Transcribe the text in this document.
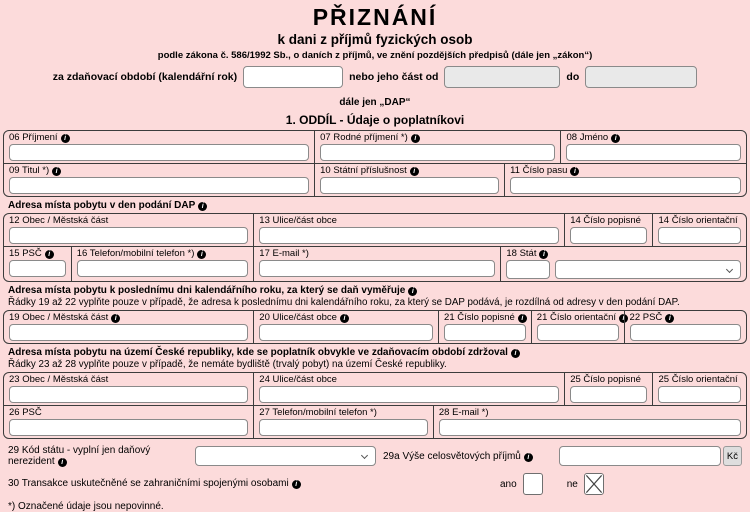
PŘIZNÁNÍ
k dani z příjmů fyzických osob
podle zákona č. 586/1992 Sb., o daních z příjmů, ve znění pozdějších předpisů (dále jen „zákon“)
za zdaňovací období (kalendářní rok)	nebo jeho část od	do
dále jen „DAP“
1. ODDÍL - Údaje o poplatníkovi
06 Příjmení i	07 Rodné příjmení *) i	08 Jméno i
09 Titul *) i	10 Státní příslušnost i	11 Číslo pasu i
Adresa místa pobytu v den podání DAP i
12 Obec / Městská část	13 Ulice/část obce	14 Číslo popisné	14 Číslo orientační
15 PSČ i	16 Telefon/mobilní telefon *) i	17 E-mail *)	18 Stát i
Adresa místa pobytu k poslednímu dni kalendářního roku, za který se daň vyměřuje i
Řádky 19 až 22 vyplňte pouze v případě, že adresa k poslednímu dni kalendářního roku, za který se DAP podává, je rozdílná od adresy v den podání DAP.
19 Obec / Městská část i	20 Ulice/část obce i	21 Číslo popisné i 21 Číslo orientační i 22 PSČ i
Adresa místa pobytu na území České republiky, kde se poplatník obvykle ve zdaňovacím období zdržoval i
Řádky 23 až 28 vyplňte pouze v případě, že nemáte bydliště (trvalý pobyt) na území České republiky.
23 Obec / Městská část	24 Ulice/část obce	25 Číslo popisné	25 Číslo orientační
26 PSČ	27 Telefon/mobilní telefon *)	28 E-mail *)
29 Kód státu - vyplní jen daňový nerezident i
29a Výše celosvětových příjmů i	Kč
30 Transakce uskutečněné se zahraničními spojenými osobami i	ano	ne
*) Označené údaje jsou nepovinné.
